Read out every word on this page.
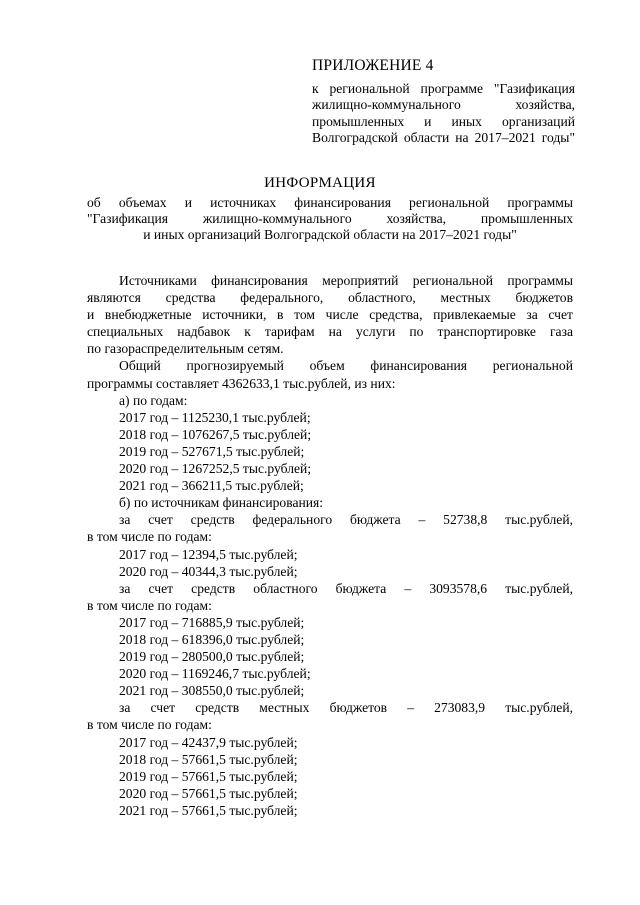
ПРИЛОЖЕНИЕ 4
к региональной программе "Газификация
жилищно-коммунального хозяйства,
промышленных и иных организаций
Волгоградской области на 2017–2021 годы"
ИНФОРМАЦИЯ
об объемах и источниках финансирования региональной программы
"Газификация жилищно-коммунального хозяйства, промышленных
и иных организаций Волгоградской области на 2017–2021 годы"
Источниками финансирования мероприятий региональной программы
являются средства федерального, областного, местных бюджетов
и внебюджетные источники, в том числе средства, привлекаемые за счет
специальных надбавок к тарифам на услуги по транспортировке газа
по газораспределительным сетям.
Общий прогнозируемый объем финансирования региональной
программы составляет 4362633,1 тыс.рублей, из них:
а) по годам:
2017 год – 1125230,1 тыс.рублей;
2018 год – 1076267,5 тыс.рублей;
2019 год – 527671,5 тыс.рублей;
2020 год – 1267252,5 тыс.рублей;
2021 год – 366211,5 тыс.рублей;
б) по источникам финансирования:
за счет средств федерального бюджета – 52738,8 тыс.рублей,
в том числе по годам:
2017 год – 12394,5 тыс.рублей;
2020 год – 40344,3 тыс.рублей;
за счет средств областного бюджета – 3093578,6 тыс.рублей,
в том числе по годам:
2017 год – 716885,9 тыс.рублей;
2018 год – 618396,0 тыс.рублей;
2019 год – 280500,0 тыс.рублей;
2020 год – 1169246,7 тыс.рублей;
2021 год – 308550,0 тыс.рублей;
за счет средств местных бюджетов – 273083,9 тыс.рублей,
в том числе по годам:
2017 год – 42437,9 тыс.рублей;
2018 год – 57661,5 тыс.рублей;
2019 год – 57661,5 тыс.рублей;
2020 год – 57661,5 тыс.рублей;
2021 год – 57661,5 тыс.рублей;
